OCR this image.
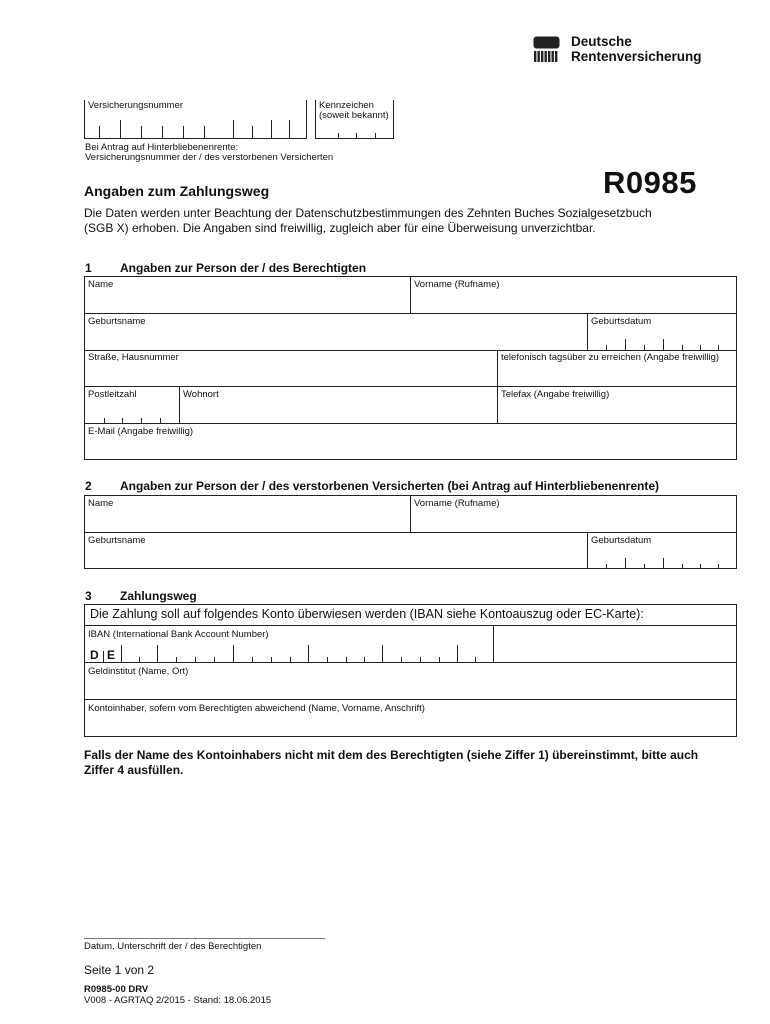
Deutsche
Rentenversicherung
Versicherungsnummer	Kennzeichen
(soweit bekannt)
Bei Antrag auf Hinterbliebenenrente:
Versicherungsnummer der / des verstorbenen Versicherten
Angaben zum Zahlungsweg	R0985
Die Daten werden unter Beachtung der Datenschutzbestimmungen des Zehnten Buches Sozialgesetzbuch
(SGB X) erhoben. Die Angaben sind freiwillig, zugleich aber für eine Überweisung unverzichtbar.
1 Angaben zur Person der / des Berechtigten
Name	Vorname (Rufname)
Geburtsname	Geburtsdatum
Straße, Hausnummer	telefonisch tagsüber zu erreichen (Angabe freiwillig)
Postleitzahl	Wohnort	Telefax (Angabe freiwillig)
E-Mail (Angabe freiwillig)
2 Angaben zur Person der / des verstorbenen Versicherten (bei Antrag auf Hinterbliebenenrente)
Name	Vorname (Rufname)
Geburtsname	Geburtsdatum
3 Zahlungsweg
Die Zahlung soll auf folgendes Konto überwiesen werden (IBAN siehe Kontoauszug oder EC-Karte):
IBAN (International Bank Account Number)
D E
Geldinstitut (Name, Ort)
Kontoinhaber, sofern vom Berechtigten abweichend (Name, Vorname, Anschrift)
Falls der Name des Kontoinhabers nicht mit dem des Berechtigten (siehe Ziffer 1) übereinstimmt, bitte auch
Ziffer 4 ausfüllen.
Datum, Unterschrift der / des Berechtigten
Seite 1 von 2
R0985-00 DRV
V008 - AGRTAQ 2/2015 - Stand: 18.06.2015
